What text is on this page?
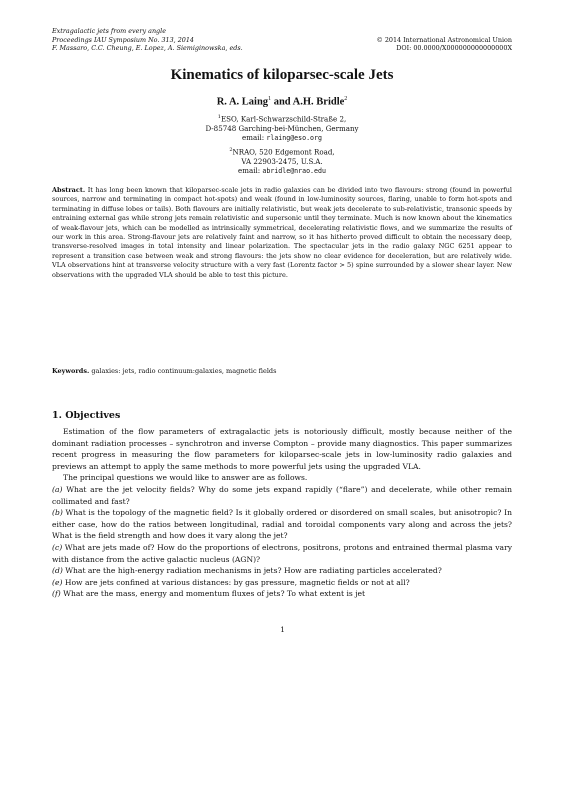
Extragalactic jets from every angle
Proceedings IAU Symposium No. 313, 2014
F. Massaro, C.C. Cheung, E. Lopez, A. Siemiginowska, eds.
© 2014 International Astronomical Union
DOI: 00.0000/X000000000000000X
Kinematics of kiloparsec-scale Jets
R. A. Laing$^1$ and A.H. Bridle$^2$
$^1$ESO, Karl-Schwarzschild-Straße 2,
D-85748 Garching-bei-München, Germany
email: rlaing@eso.org
$^2$NRAO, 520 Edgemont Road,
VA 22903-2475, U.S.A.
email: abridle@nrao.edu
Abstract. It has long been known that kiloparsec-scale jets in radio galaxies can be divided into two flavours: strong (found in powerful sources, narrow and terminating in compact hot-spots) and weak (found in low-luminosity sources, flaring, unable to form hot-spots and terminating in diffuse lobes or tails). Both flavours are initially relativistic, but weak jets decelerate to sub-relativistic, transonic speeds by entraining external gas while strong jets remain relativistic and supersonic until they terminate. Much is now known about the kinematics of weak-flavour jets, which can be modelled as intrinsically symmetrical, decelerating relativistic flows, and we summarize the results of our work in this area. Strong-flavour jets are relatively faint and narrow, so it has hitherto proved difficult to obtain the necessary deep, transverse-resolved images in total intensity and linear polarization. The spectacular jets in the radio galaxy NGC 6251 appear to represent a transition case between weak and strong flavours: the jets show no clear evidence for deceleration, but are relatively wide. VLA observations hint at transverse velocity structure with a very fast (Lorentz factor > 5) spine surrounded by a slower shear layer. New observations with the upgraded VLA should be able to test this picture.
Keywords. galaxies: jets, radio continuum:galaxies, magnetic fields
1. Objectives

Estimation of the flow parameters of extragalactic jets is notoriously difficult, mostly because neither of the dominant radiation processes – synchrotron and inverse Compton – provide many diagnostics. This paper summarizes recent progress in measuring the flow parameters for kiloparsec-scale jets in low-luminosity radio galaxies and previews an attempt to apply the same methods to more powerful jets using the upgraded VLA.

The principal questions we would like to answer are as follows.

(a) What are the jet velocity fields? Why do some jets expand rapidly (“flare”) and decelerate, while other remain collimated and fast?

(b) What is the topology of the magnetic field? Is it globally ordered or disordered on small scales, but anisotropic? In either case, how do the ratios between longitudinal, radial and toroidal components vary along and across the jets? What is the field strength and how does it vary along the jet?

(c) What are jets made of? How do the proportions of electrons, positrons, protons and entrained thermal plasma vary with distance from the active galactic nucleus (AGN)?

(d) What are the high-energy radiation mechanisms in jets? How are radiating particles accelerated?

(e) How are jets confined at various distances: by gas pressure, magnetic fields or not at all?

(f) What are the mass, energy and momentum fluxes of jets? To what extent is jet

1
